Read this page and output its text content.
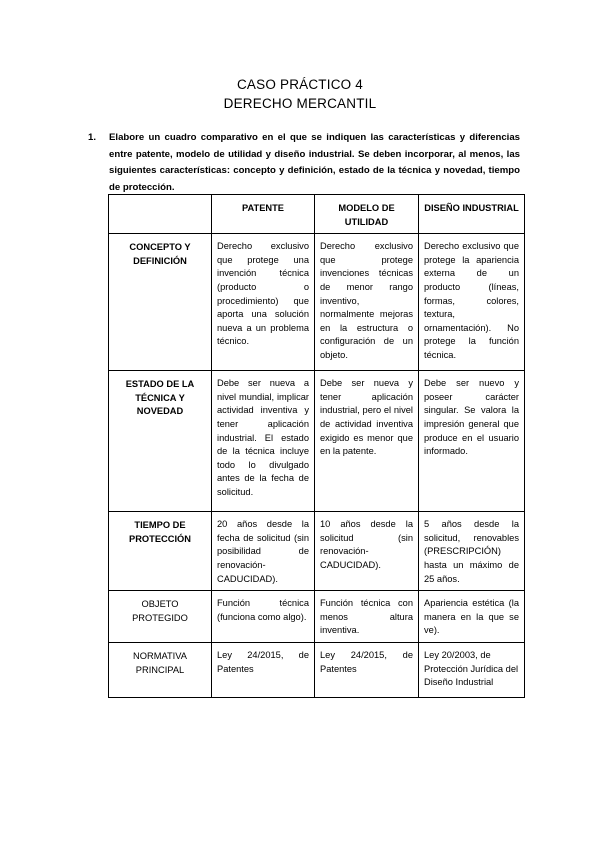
CASO PRÁCTICO 4
DERECHO MERCANTIL
1. Elabore un cuadro comparativo en el que se indiquen las características y diferencias entre patente, modelo de utilidad y diseño industrial. Se deben incorporar, al menos, las siguientes características: concepto y definición, estado de la técnica y novedad, tiempo de protección.
	PATENTE	MODELO DE UTILIDAD	DISEÑO INDUSTRIAL
CONCEPTO Y DEFINICIÓN	Derecho exclusivo que protege una invención técnica (producto o procedimiento) que aporta una solución nueva a un problema técnico.	Derecho exclusivo que protege invenciones técnicas de menor rango inventivo, normalmente mejoras en la estructura o configuración de un objeto.	Derecho exclusivo que protege la apariencia externa de un producto (líneas, formas, colores, textura, ornamentación). No protege la función técnica.
ESTADO DE LA TÉCNICA Y NOVEDAD	Debe ser nueva a nivel mundial, implicar actividad inventiva y tener aplicación industrial. El estado de la técnica incluye todo lo divulgado antes de la fecha de solicitud.	Debe ser nueva y tener aplicación industrial, pero el nivel de actividad inventiva exigido es menor que en la patente.	Debe ser nuevo y poseer carácter singular. Se valora la impresión general que produce en el usuario informado.
TIEMPO DE PROTECCIÓN	20 años desde la fecha de solicitud (sin posibilidad de renovación-CADUCIDAD).	10 años desde la solicitud (sin renovación-CADUCIDAD).	5 años desde la solicitud, renovables (PRESCRIPCIÓN) hasta un máximo de 25 años.
OBJETO PROTEGIDO	Función técnica (funciona como algo).	Función técnica con menos altura inventiva.	Apariencia estética (la manera en la que se ve).
NORMATIVA PRINCIPAL	Ley 24/2015, de Patentes	Ley 24/2015, de Patentes	Ley 20/2003, de Protección Jurídica del Diseño Industrial
